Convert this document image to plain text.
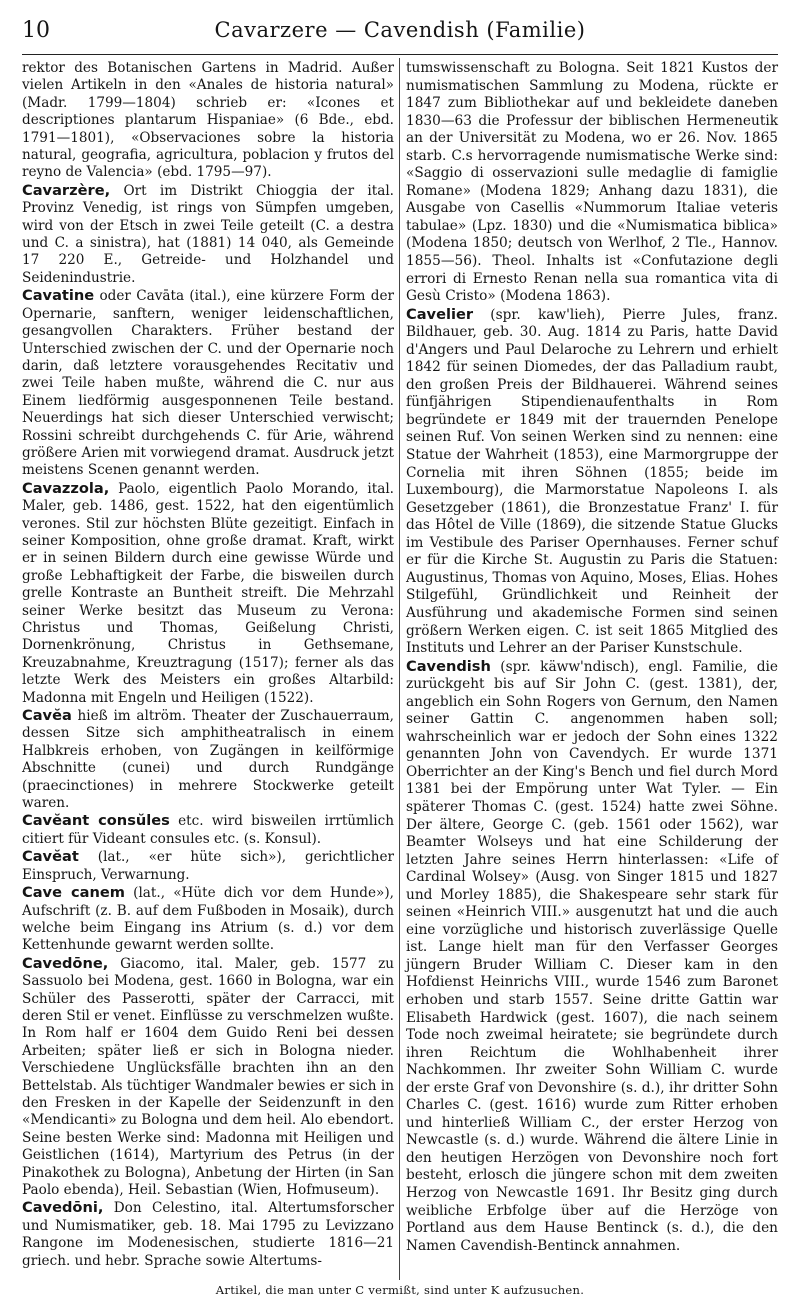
10	Cavarzere — Cavendish (Familie)

rektor des Botanischen Gartens in Madrid. Außer vielen Artikeln in den «Anales de historia natural» (Madr. 1799—1804) schrieb er: «Icones et descriptiones plantarum Hispaniae» (6 Bde., ebd. 1791—1801), «Observaciones sobre la historia natural, geografia, agricultura, poblacion y frutos del reyno de Valencia» (ebd. 1795—97).

Cavarzère, Ort im Distrikt Chioggia der ital. Provinz Venedig, ist rings von Sümpfen umgeben, wird von der Etsch in zwei Teile geteilt (C. a destra und C. a sinistra), hat (1881) 14 040, als Gemeinde 17 220 E., Getreide- und Holzhandel und Seidenindustrie.

Cavatine oder Cavāta (ital.), eine kürzere Form der Opernarie, sanftern, weniger leidenschaftlichen, gesangvollen Charakters. Früher bestand der Unterschied zwischen der C. und der Opernarie noch darin, daß letztere vorausgehendes Recitativ und zwei Teile haben mußte, während die C. nur aus Einem liedförmig ausgesponnenen Teile bestand. Neuerdings hat sich dieser Unterschied verwischt; Rossini schreibt durchgehends C. für Arie, während größere Arien mit vorwiegend dramat. Ausdruck jetzt meistens Scenen genannt werden.

Cavazzola, Paolo, eigentlich Paolo Morando, ital. Maler, geb. 1486, gest. 1522, hat den eigentümlich verones. Stil zur höchsten Blüte gezeitigt. Einfach in seiner Komposition, ohne große dramat. Kraft, wirkt er in seinen Bildern durch eine gewisse Würde und große Lebhaftigkeit der Farbe, die bisweilen durch grelle Kontraste an Buntheit streift. Die Mehrzahl seiner Werke besitzt das Museum zu Verona: Christus und Thomas, Geißelung Christi, Dornenkrönung, Christus in Gethsemane, Kreuzabnahme, Kreuztragung (1517); ferner als das letzte Werk des Meisters ein großes Altarbild: Madonna mit Engeln und Heiligen (1522).

Cavĕa hieß im altröm. Theater der Zuschauerraum, dessen Sitze sich amphitheatralisch in einem Halbkreis erhoben, von Zugängen in keilförmige Abschnitte (cunei) und durch Rundgänge (praecinctiones) in mehrere Stockwerke geteilt waren.

Cavĕant consŭles etc. wird bisweilen irrtümlich citiert für Videant consules etc. (s. Konsul).

Cavĕat (lat., «er hüte sich»), gerichtlicher Einspruch, Verwarnung.

Cave canem (lat., «Hüte dich vor dem Hunde»), Aufschrift (z. B. auf dem Fußboden in Mosaik), durch welche beim Eingang ins Atrium (s. d.) vor dem Kettenhunde gewarnt werden sollte.

Cavedōne, Giacomo, ital. Maler, geb. 1577 zu Sassuolo bei Modena, gest. 1660 in Bologna, war ein Schüler des Passerotti, später der Carracci, mit deren Stil er venet. Einflüsse zu verschmelzen wußte. In Rom half er 1604 dem Guido Reni bei dessen Arbeiten; später ließ er sich in Bologna nieder. Verschiedene Unglücksfälle brachten ihn an den Bettelstab. Als tüchtiger Wandmaler bewies er sich in den Fresken in der Kapelle der Seidenzunft in den «Mendicanti» zu Bologna und dem heil. Alo ebendort. Seine besten Werke sind: Madonna mit Heiligen und Geistlichen (1614), Martyrium des Petrus (in der Pinakothek zu Bologna), Anbetung der Hirten (in San Paolo ebenda), Heil. Sebastian (Wien, Hofmuseum).

Cavedōni, Don Celestino, ital. Altertumsforscher und Numismatiker, geb. 18. Mai 1795 zu Levizzano Rangone im Modenesischen, studierte 1816—21 griech. und hebr. Sprache sowie Altertums-

tumswissenschaft zu Bologna. Seit 1821 Kustos der numismatischen Sammlung zu Modena, rückte er 1847 zum Bibliothekar auf und bekleidete daneben 1830—63 die Professur der biblischen Hermeneutik an der Universität zu Modena, wo er 26. Nov. 1865 starb. C.s hervorragende numismatische Werke sind: «Saggio di osservazioni sulle medaglie di famiglie Romane» (Modena 1829; Anhang dazu 1831), die Ausgabe von Casellis «Nummorum Italiae veteris tabulae» (Lpz. 1830) und die «Numismatica biblica» (Modena 1850; deutsch von Werlhof, 2 Tle., Hannov. 1855—56). Theol. Inhalts ist «Confutazione degli errori di Ernesto Renan nella sua romantica vita di Gesù Cristo» (Modena 1863).

Cavelier (spr. kaw'lieh), Pierre Jules, franz. Bildhauer, geb. 30. Aug. 1814 zu Paris, hatte David d'Angers und Paul Delaroche zu Lehrern und erhielt 1842 für seinen Diomedes, der das Palladium raubt, den großen Preis der Bildhauerei. Während seines fünfjährigen Stipendienaufenthalts in Rom begründete er 1849 mit der trauernden Penelope seinen Ruf. Von seinen Werken sind zu nennen: eine Statue der Wahrheit (1853), eine Marmorgruppe der Cornelia mit ihren Söhnen (1855; beide im Luxembourg), die Marmorstatue Napoleons I. als Gesetzgeber (1861), die Bronzestatue Franz' I. für das Hôtel de Ville (1869), die sitzende Statue Glucks im Vestibule des Pariser Opernhauses. Ferner schuf er für die Kirche St. Augustin zu Paris die Statuen: Augustinus, Thomas von Aquino, Moses, Elias. Hohes Stilgefühl, Gründlichkeit und Reinheit der Ausführung und akademische Formen sind seinen größern Werken eigen. C. ist seit 1865 Mitglied des Instituts und Lehrer an der Pariser Kunstschule.

Cavendish (spr. käww'ndisch), engl. Familie, die zurückgeht bis auf Sir John C. (gest. 1381), der, angeblich ein Sohn Rogers von Gernum, den Namen seiner Gattin C. angenommen haben soll; wahrscheinlich war er jedoch der Sohn eines 1322 genannten John von Cavendych. Er wurde 1371 Oberrichter an der King's Bench und fiel durch Mord 1381 bei der Empörung unter Wat Tyler. — Ein späterer Thomas C. (gest. 1524) hatte zwei Söhne. Der ältere, George C. (geb. 1561 oder 1562), war Beamter Wolseys und hat eine Schilderung der letzten Jahre seines Herrn hinterlassen: «Life of Cardinal Wolsey» (Ausg. von Singer 1815 und 1827 und Morley 1885), die Shakespeare sehr stark für seinen «Heinrich VIII.» ausgenutzt hat und die auch eine vorzügliche und historisch zuverlässige Quelle ist. Lange hielt man für den Verfasser Georges jüngern Bruder William C. Dieser kam in den Hofdienst Heinrichs VIII., wurde 1546 zum Baronet erhoben und starb 1557. Seine dritte Gattin war Elisabeth Hardwick (gest. 1607), die nach seinem Tode noch zweimal heiratete; sie begründete durch ihren Reichtum die Wohlhabenheit ihrer Nachkommen. Ihr zweiter Sohn William C. wurde der erste Graf von Devonshire (s. d.), ihr dritter Sohn Charles C. (gest. 1616) wurde zum Ritter erhoben und hinterließ William C., der erster Herzog von Newcastle (s. d.) wurde. Während die ältere Linie in den heutigen Herzögen von Devonshire noch fort besteht, erlosch die jüngere schon mit dem zweiten Herzog von Newcastle 1691. Ihr Besitz ging durch weibliche Erbfolge über auf die Herzöge von Portland aus dem Hause Bentinck (s. d.), die den Namen Cavendish-Bentinck annahmen.

Artikel, die man unter C vermißt, sind unter K aufzusuchen.
